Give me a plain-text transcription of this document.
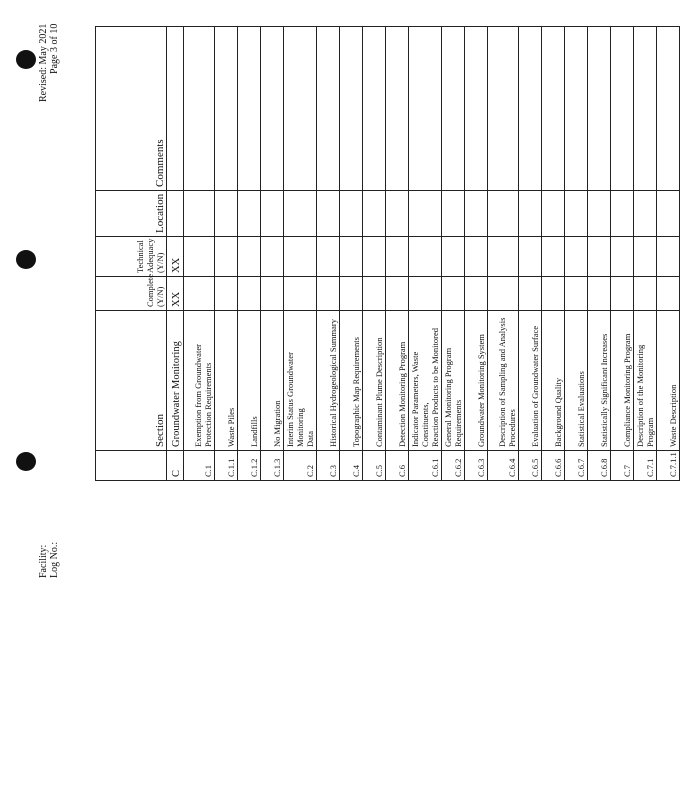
Facility: Log No.:
Revised: May 2021 Page 3 of 10
	Section	Complete (Y/N)	Technical Adequacy (Y/N)	Location	Comments
C	Groundwater Monitoring	XX	XX		
C.1	Exemption from Groundwater Protection Requirements				

C.1.1	Waste Piles				

C.1.2	Landfills				

C.1.3	No Migration				

C.2	Interim Status Groundwater Monitoring Data				

C.3	Historical Hydrogeological Summary				

C.4	Topographic Map Requirements				

C.5	Contaminant Plume Description				

C.6	Detection Monitoring Program				

C.6.1	Indicator Parameters, Waste Constituents, Reaction Products to be Monitored				

C.6.2	General Monitoring Program Requirements				

C.6.3	Groundwater Monitoring System				

C.6.4	Description of Sampling and Analysis Procedures				

C.6.5	Evaluation of Groundwater Surface				

C.6.6	Background Quality				

C.6.7	Statistical Evaluations				

C.6.8	Statistically Significant Increases				

C.7	Compliance Monitoring Program				

C.7.1	Description of the Monitoring Program				

C.7.1.1	Waste Description				
